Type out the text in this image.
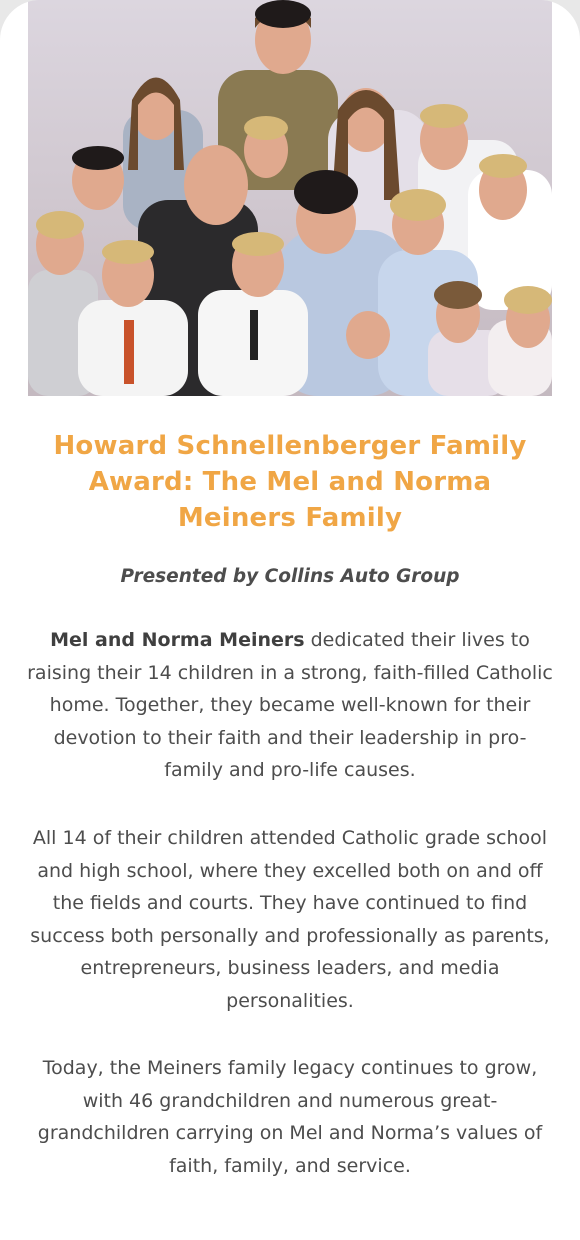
Howard Schnellenberger Family Award: The Mel and Norma Meiners Family

Presented by Collins Auto Group

Mel and Norma Meiners dedicated their lives to raising their 14 children in a strong, faith-filled Catholic home. Together, they became well-known for their devotion to their faith and their leadership in pro-family and pro-life causes.

All 14 of their children attended Catholic grade school and high school, where they excelled both on and off the fields and courts. They have continued to find success both personally and professionally as parents, entrepreneurs, business leaders, and media personalities.

Today, the Meiners family legacy continues to grow, with 46 grandchildren and numerous great-grandchildren carrying on Mel and Norma’s values of faith, family, and service.
